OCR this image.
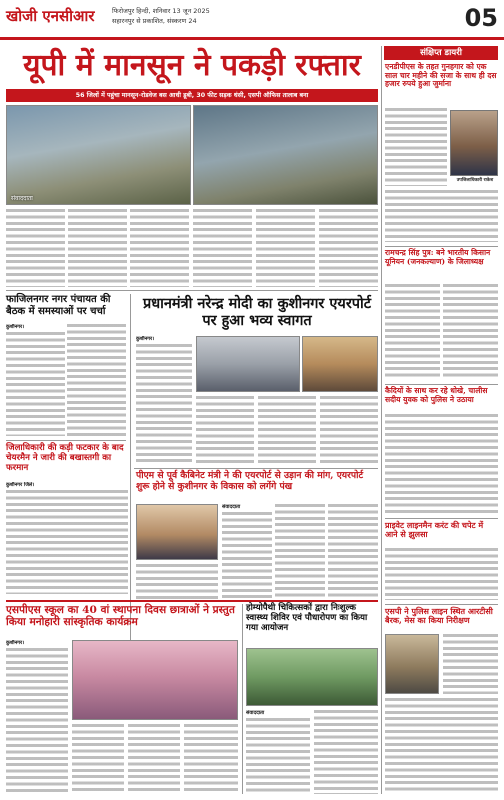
खोजी एनसीआर	फिरोजपुर हिन्दी, शनिवार 13 जून 2025
सहारनपुर से प्रकाशित, संस्करण 24	05
यूपी में मानसून ने पकड़ी रफ्तार
56 जिलों में पहुंचा मानसून-रोडवेज बस आधी डूबी, 30 फीट सड़क धंसी, एसपी ऑफिस तालाब बना
संवाददाता
फाजिलनगर नगर पंचायत की बैठक में समस्याओं पर चर्चा
कुशीनगर।
प्रधानमंत्री नरेन्द्र मोदी का कुशीनगर एयरपोर्ट पर हुआ भव्य स्वागत
कुशीनगर।
पीएम से पूर्व कैबिनेट मंत्री ने की एयरपोर्ट से उड़ान की मांग, एयरपोर्ट शुरू होने से कुशीनगर के विकास को लगेंगे पंख
संवाददाता
जिलाधिकारी की कड़ी फटकार के बाद चेयरमैन ने जारी की बखास्तगी का फरमान
कुशीनगर जिले।
एसपीएस स्कूल का 40 वां स्थापना दिवस छात्राओं ने प्रस्तुत किया मनोहारी सांस्कृतिक कार्यक्रम
कुशीनगर।
होम्योपैथी चिकित्सकों द्वारा निःशुल्क स्वास्थ्य शिविर एवं पौधारोपण का किया गया आयोजन
संवाददाता
संक्षिप्त डायरी
एनडीपीएस के तहत गुनहगार को एक साल चार महीने की सजा के साथ ही दस हजार रुपये हुआ जुर्माना
उपजिलाधिकारी राकेश
रामचन्द्र सिंह पुत्र: बने भारतीय किसान यूनियन (जनकल्याण) के जिलाध्यक्ष
कैदियों के साथ कर रहे धोखे, चालीस सदीय युवक को पुलिस ने उठाया
प्राइवेट लाइनमैन करंट की चपेट में आने से झुलसा
एसपी ने पुलिस लाइन स्थित आरटीसी बैरक, मेस का किया निरीक्षण
